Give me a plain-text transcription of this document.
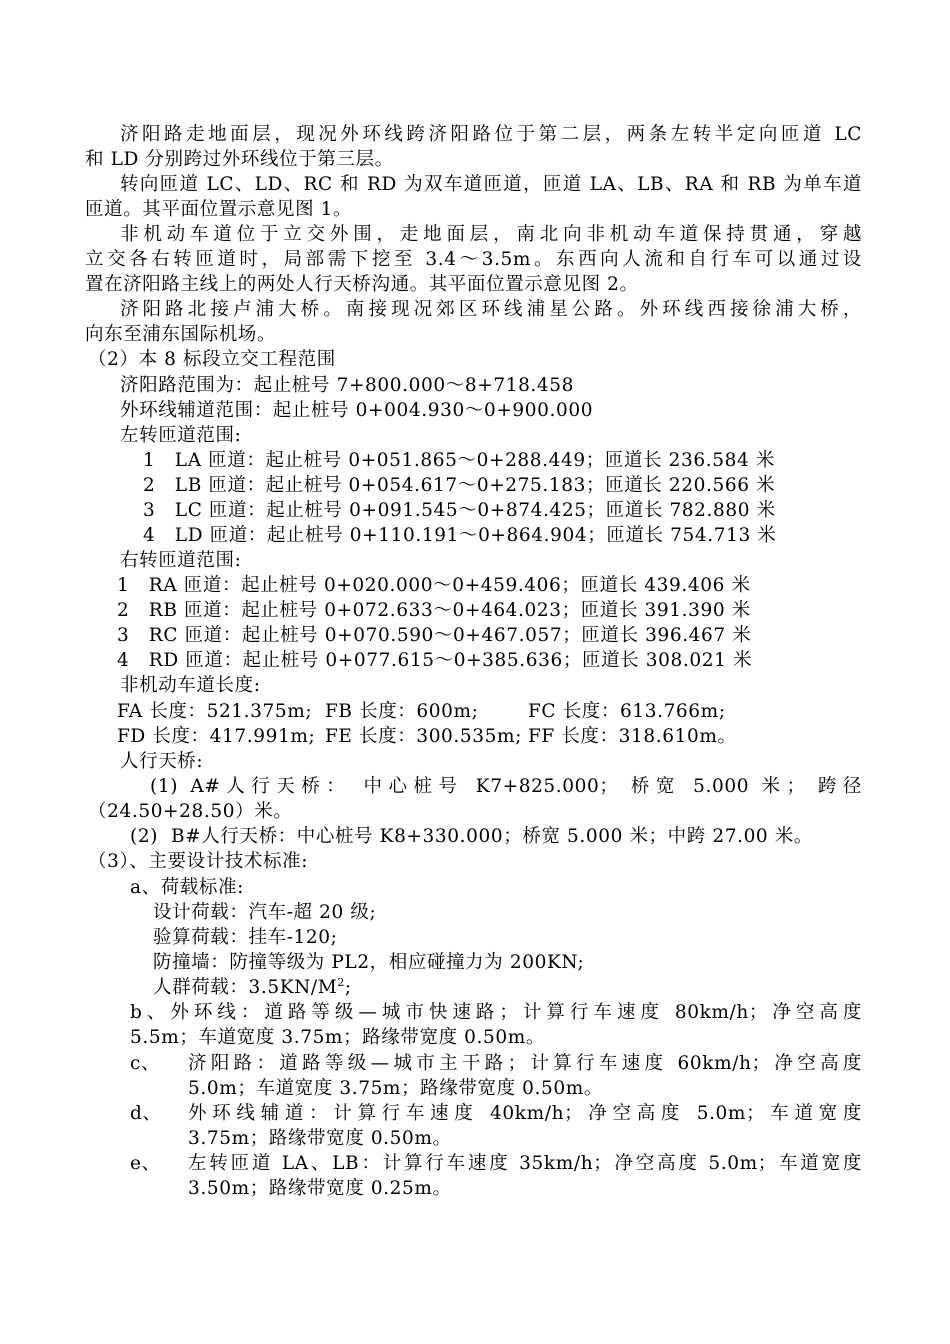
济阳路走地面层，现况外环线跨济阳路位于第二层，两条左转半定向匝道 LC
和 LD 分别跨过外环线位于第三层。
转向匝道 LC、LD、RC 和 RD 为双车道匝道，匝道 LA、LB、RA 和 RB 为单车道
匝道。其平面位置示意见图 1。
非机动车道位于立交外围，走地面层，南北向非机动车道保持贯通，穿越
立交各右转匝道时，局部需下挖至 3.4～3.5m。东西向人流和自行车可以通过设
置在济阳路主线上的两处人行天桥沟通。其平面位置示意见图 2。
济阳路北接卢浦大桥。南接现况郊区环线浦星公路。外环线西接徐浦大桥，
向东至浦东国际机场。
（2）本 8 标段立交工程范围
济阳路范围为：起止桩号 7+800.000～8+718.458
外环线辅道范围：起止桩号 0+004.930～0+900.000
左转匝道范围:
1   LA 匝道：起止桩号 0+051.865～0+288.449；匝道长 236.584 米
2   LB 匝道：起止桩号 0+054.617～0+275.183；匝道长 220.566 米
3   LC 匝道：起止桩号 0+091.545～0+874.425；匝道长 782.880 米
4   LD 匝道：起止桩号 0+110.191～0+864.904；匝道长 754.713 米
右转匝道范围:
1   RA 匝道：起止桩号 0+020.000～0+459.406；匝道长 439.406 米
2   RB 匝道：起止桩号 0+072.633～0+464.023；匝道长 391.390 米
3   RC 匝道：起止桩号 0+070.590～0+467.057；匝道长 396.467 米
4   RD 匝道：起止桩号 0+077.615～0+385.636；匝道长 308.021 米
非机动车道长度:
FA 长度：521.375m; FB 长度：600m;	FC 长度：613.766m;
FD 长度：417.991m; FE 长度：300.535m; FF 长度：318.610m。
人行天桥:
(1) A#人行天桥： 中心桩号 K7+825.000； 桥宽 5.000 米； 跨径
（24.50+28.50）米。
(2)  B#人行天桥：中心桩号 K8+330.000；桥宽 5.000 米；中跨 27.00 米。
（3）、主要设计技术标准:
a、荷载标准:
设计荷载：汽车-超 20 级;
验算荷载：挂车-120;
防撞墙：防撞等级为 PL2，相应碰撞力为 200KN;
人群荷载：$3.5KN/M^2$;
b、外环线：道路等级—城市快速路；计算行车速度 80km/h；净空高度
5.5m；车道宽度 3.75m；路缘带宽度 0.50m。
c、 济阳路：道路等级—城市主干路；计算行车速度 60km/h；净空高度
5.0m；车道宽度 3.75m；路缘带宽度 0.50m。
d、 外环线辅道：计算行车速度 40km/h；净空高度 5.0m；车道宽度
3.75m；路缘带宽度 0.50m。
e、 左转匝道 LA、LB：计算行车速度 35km/h；净空高度 5.0m；车道宽度
3.50m；路缘带宽度 0.25m。
